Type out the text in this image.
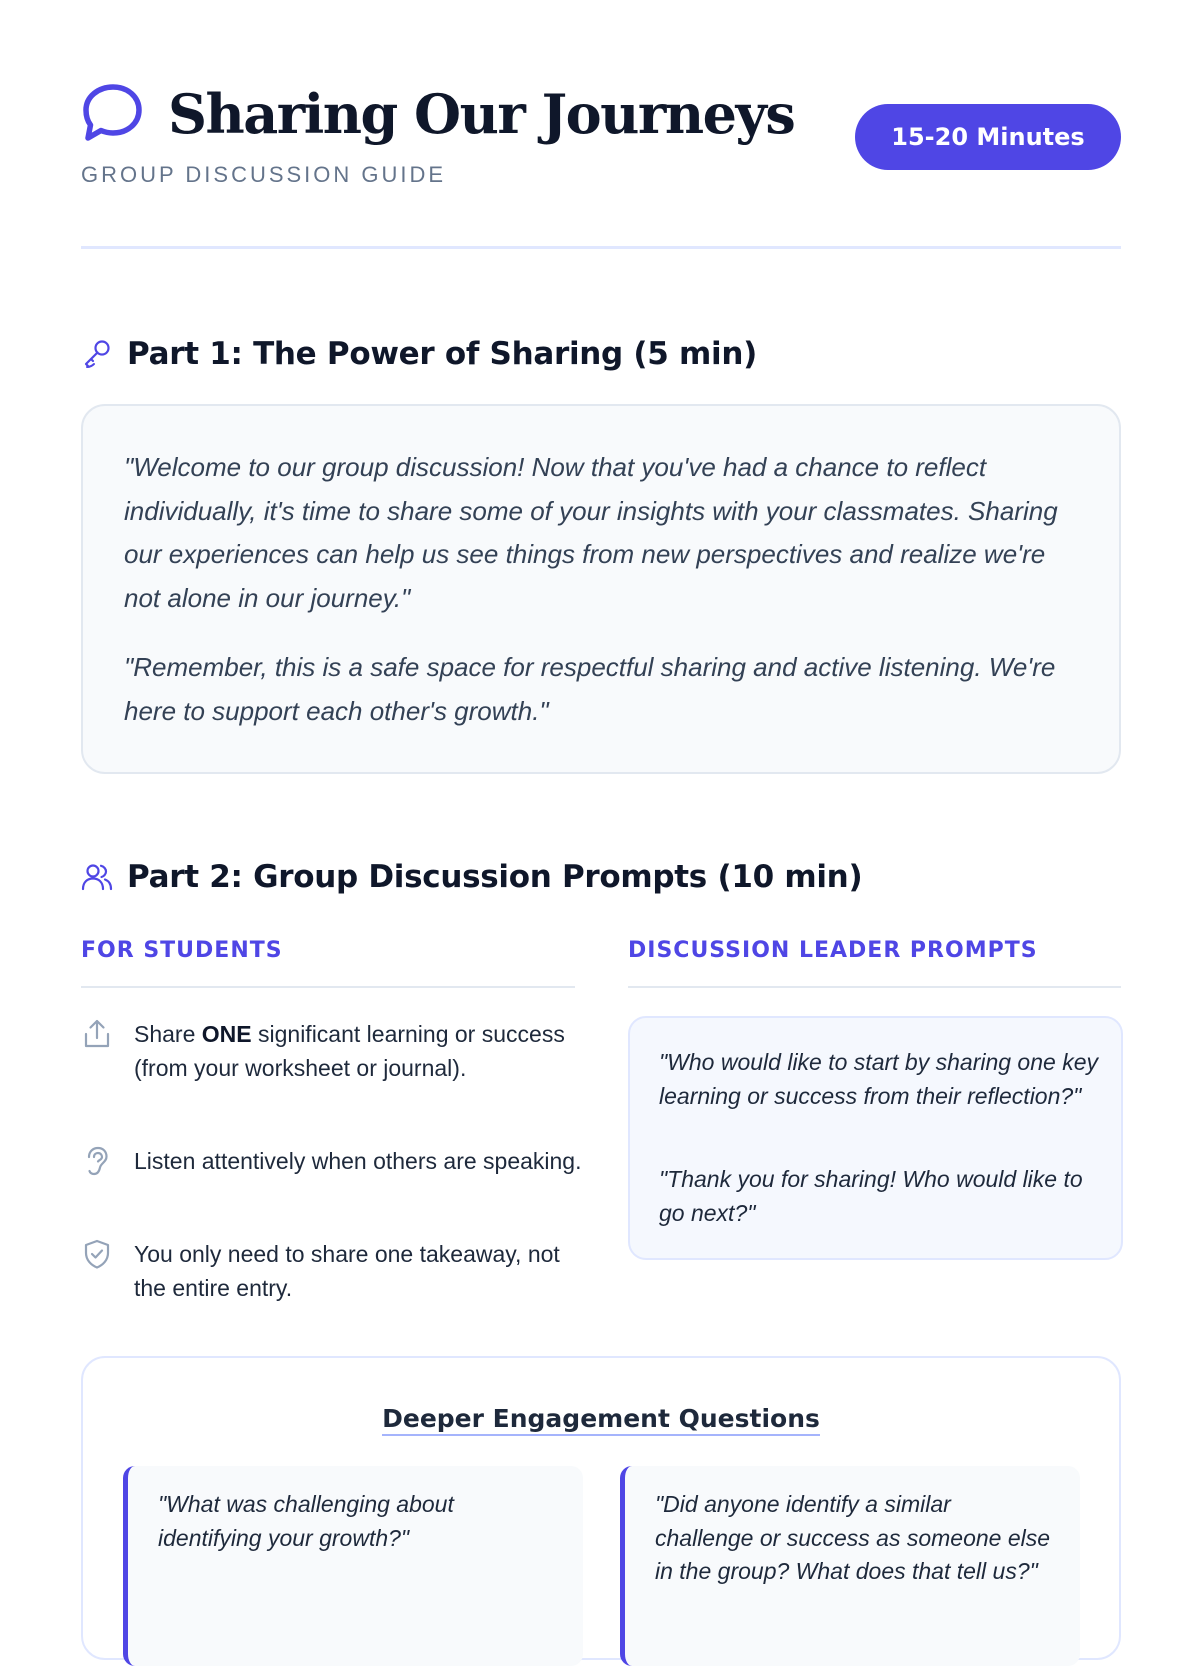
Sharing Our Journeys
GROUP DISCUSSION GUIDE
15-20 Minutes
Part 1: The Power of Sharing (5 min)

"Welcome to our group discussion! Now that you've had a chance to reflect individually, it's time to share some of your insights with your classmates. Sharing our experiences can help us see things from new perspectives and realize we're not alone in our journey."

"Remember, this is a safe space for respectful sharing and active listening. We're here to support each other's growth."

Part 2: Group Discussion Prompts (10 min)
FOR STUDENTS
Share ONE significant learning or success (from your worksheet or journal).
Listen attentively when others are speaking.
You only need to share one takeaway, not the entire entry.
DISCUSSION LEADER PROMPTS

"Who would like to start by sharing one key learning or success from their reflection?"

"Thank you for sharing! Who would like to go next?"

Deeper Engagement Questions

"What was challenging about identifying your growth?"

"Did anyone identify a similar challenge or success as someone else in the group? What does that tell us?"
